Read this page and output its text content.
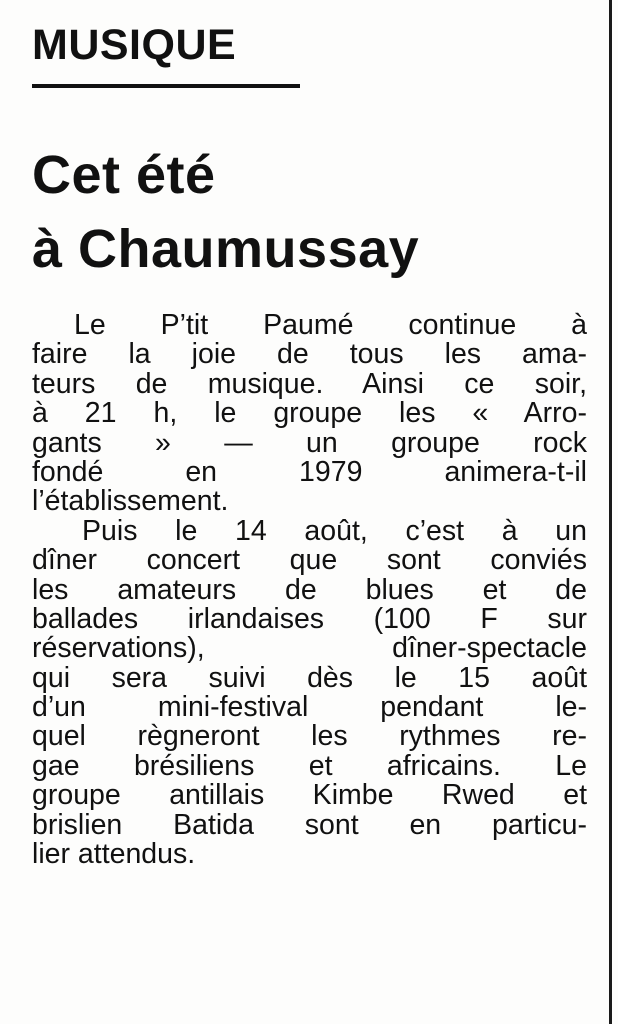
MUSIQUE
Cet été
à Chaumussay
Le P’tit Paumé continue à
faire la joie de tous les ama-
teurs de musique. Ainsi ce soir,
à 21 h, le groupe les « Arro-
gants » — un groupe rock
fondé en 1979 animera-t-il
l’établissement.
Puis le 14 août, c’est à un
dîner concert que sont conviés
les amateurs de blues et de
ballades irlandaises (100 F sur
réservations), dîner-spectacle
qui sera suivi dès le 15 août
d’un mini-festival pendant le-
quel règneront les rythmes re-
gae brésiliens et africains. Le
groupe antillais Kimbe Rwed et
brislien Batida sont en particu-
lier attendus.
